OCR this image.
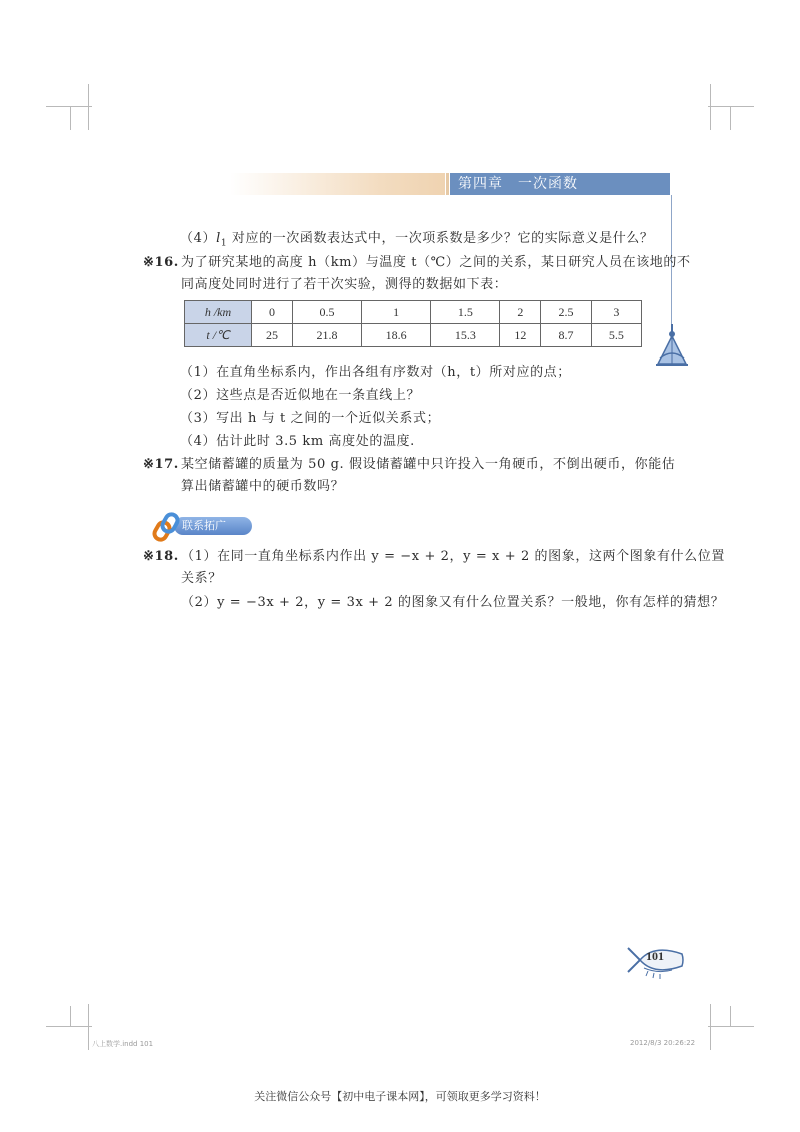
第四章　一次函数
$(4)l_1$ 对应的一次函数表达式中，一次项系数是多少？它的实际意义是什么？
※16. 为了研究某地的高度 h（km）与温度 t（℃）之间的关系，某日研究人员在该地的不
同高度处同时进行了若干次实验，测得的数据如下表：
h /km	0	0.5	1	1.5	2	2.5	3
t /℃	25	21.8	18.6	15.3	12	8.7	5.5
（1）在直角坐标系内，作出各组有序数对（h，t）所对应的点；
（2）这些点是否近似地在一条直线上？
（3）写出 h 与 t 之间的一个近似关系式；
（4）估计此时 3.5 km 高度处的温度.
※17. 某空储蓄罐的质量为 50 g. 假设储蓄罐中只许投入一角硬币，不倒出硬币，你能估
算出储蓄罐中的硬币数吗？
联系拓广
※18. （1）在同一直角坐标系内作出 y = −x + 2，y = x + 2 的图象，这两个图象有什么位置
关系？
（2）y = −3x + 2，y = 3x + 2 的图象又有什么位置关系？一般地，你有怎样的猜想？
101
八上数学.indd 101	2012/8/3 20:26:22
关注微信公众号【初中电子课本网】，可领取更多学习资料！
